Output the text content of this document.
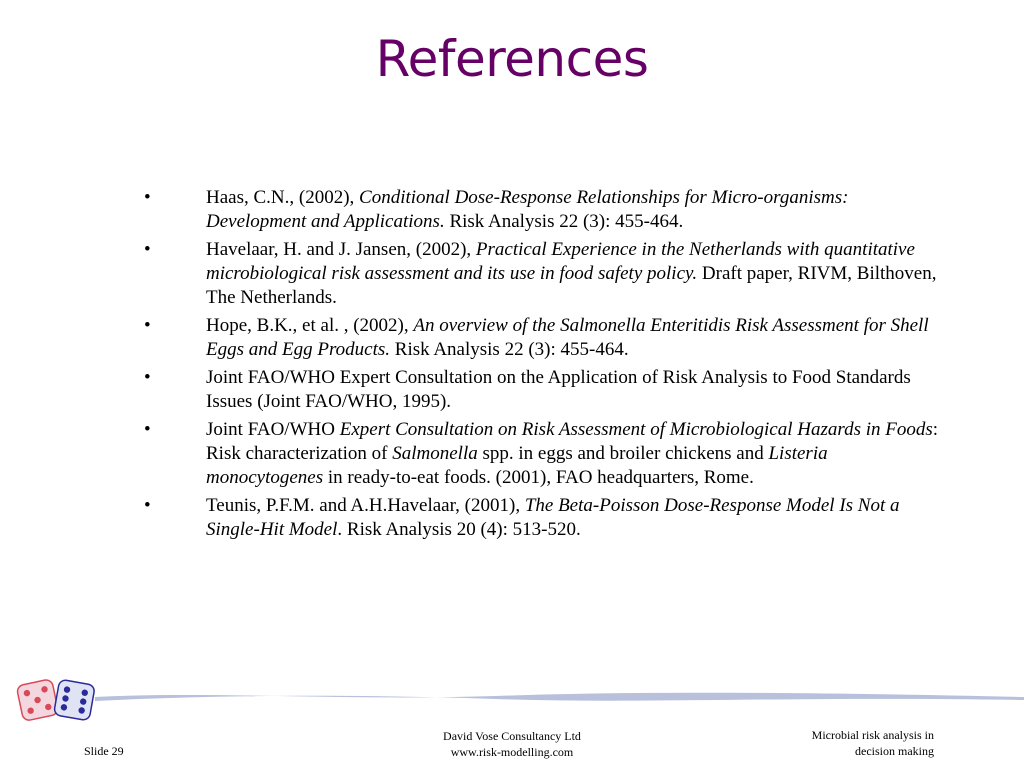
References
•	Haas, C.N., (2002), Conditional Dose-Response Relationships for Micro-organisms: Development and Applications. Risk Analysis 22 (3): 455-464.
•	Havelaar, H. and J. Jansen, (2002), Practical Experience in the Netherlands with quantitative microbiological risk assessment and its use in food safety policy. Draft paper, RIVM, Bilthoven, The Netherlands.
•	Hope, B.K., et al. , (2002), An overview of the Salmonella Enteritidis Risk Assessment for Shell Eggs and Egg Products. Risk Analysis 22 (3): 455-464.
•	Joint FAO/WHO Expert Consultation on the Application of Risk Analysis to Food Standards Issues (Joint FAO/WHO, 1995).
•	Joint FAO/WHO Expert Consultation on Risk Assessment of Microbiological Hazards in Foods: Risk characterization of Salmonella spp. in eggs and broiler chickens and Listeria monocytogenes in ready-to-eat foods. (2001), FAO headquarters, Rome.
•	Teunis, P.F.M. and A.H.Havelaar, (2001), The Beta-Poisson Dose-Response Model Is Not a Single-Hit Model. Risk Analysis 20 (4): 513-520.
Slide 29
David Vose Consultancy Ltd
www.risk-modelling.com
Microbial risk analysis in
decision making
